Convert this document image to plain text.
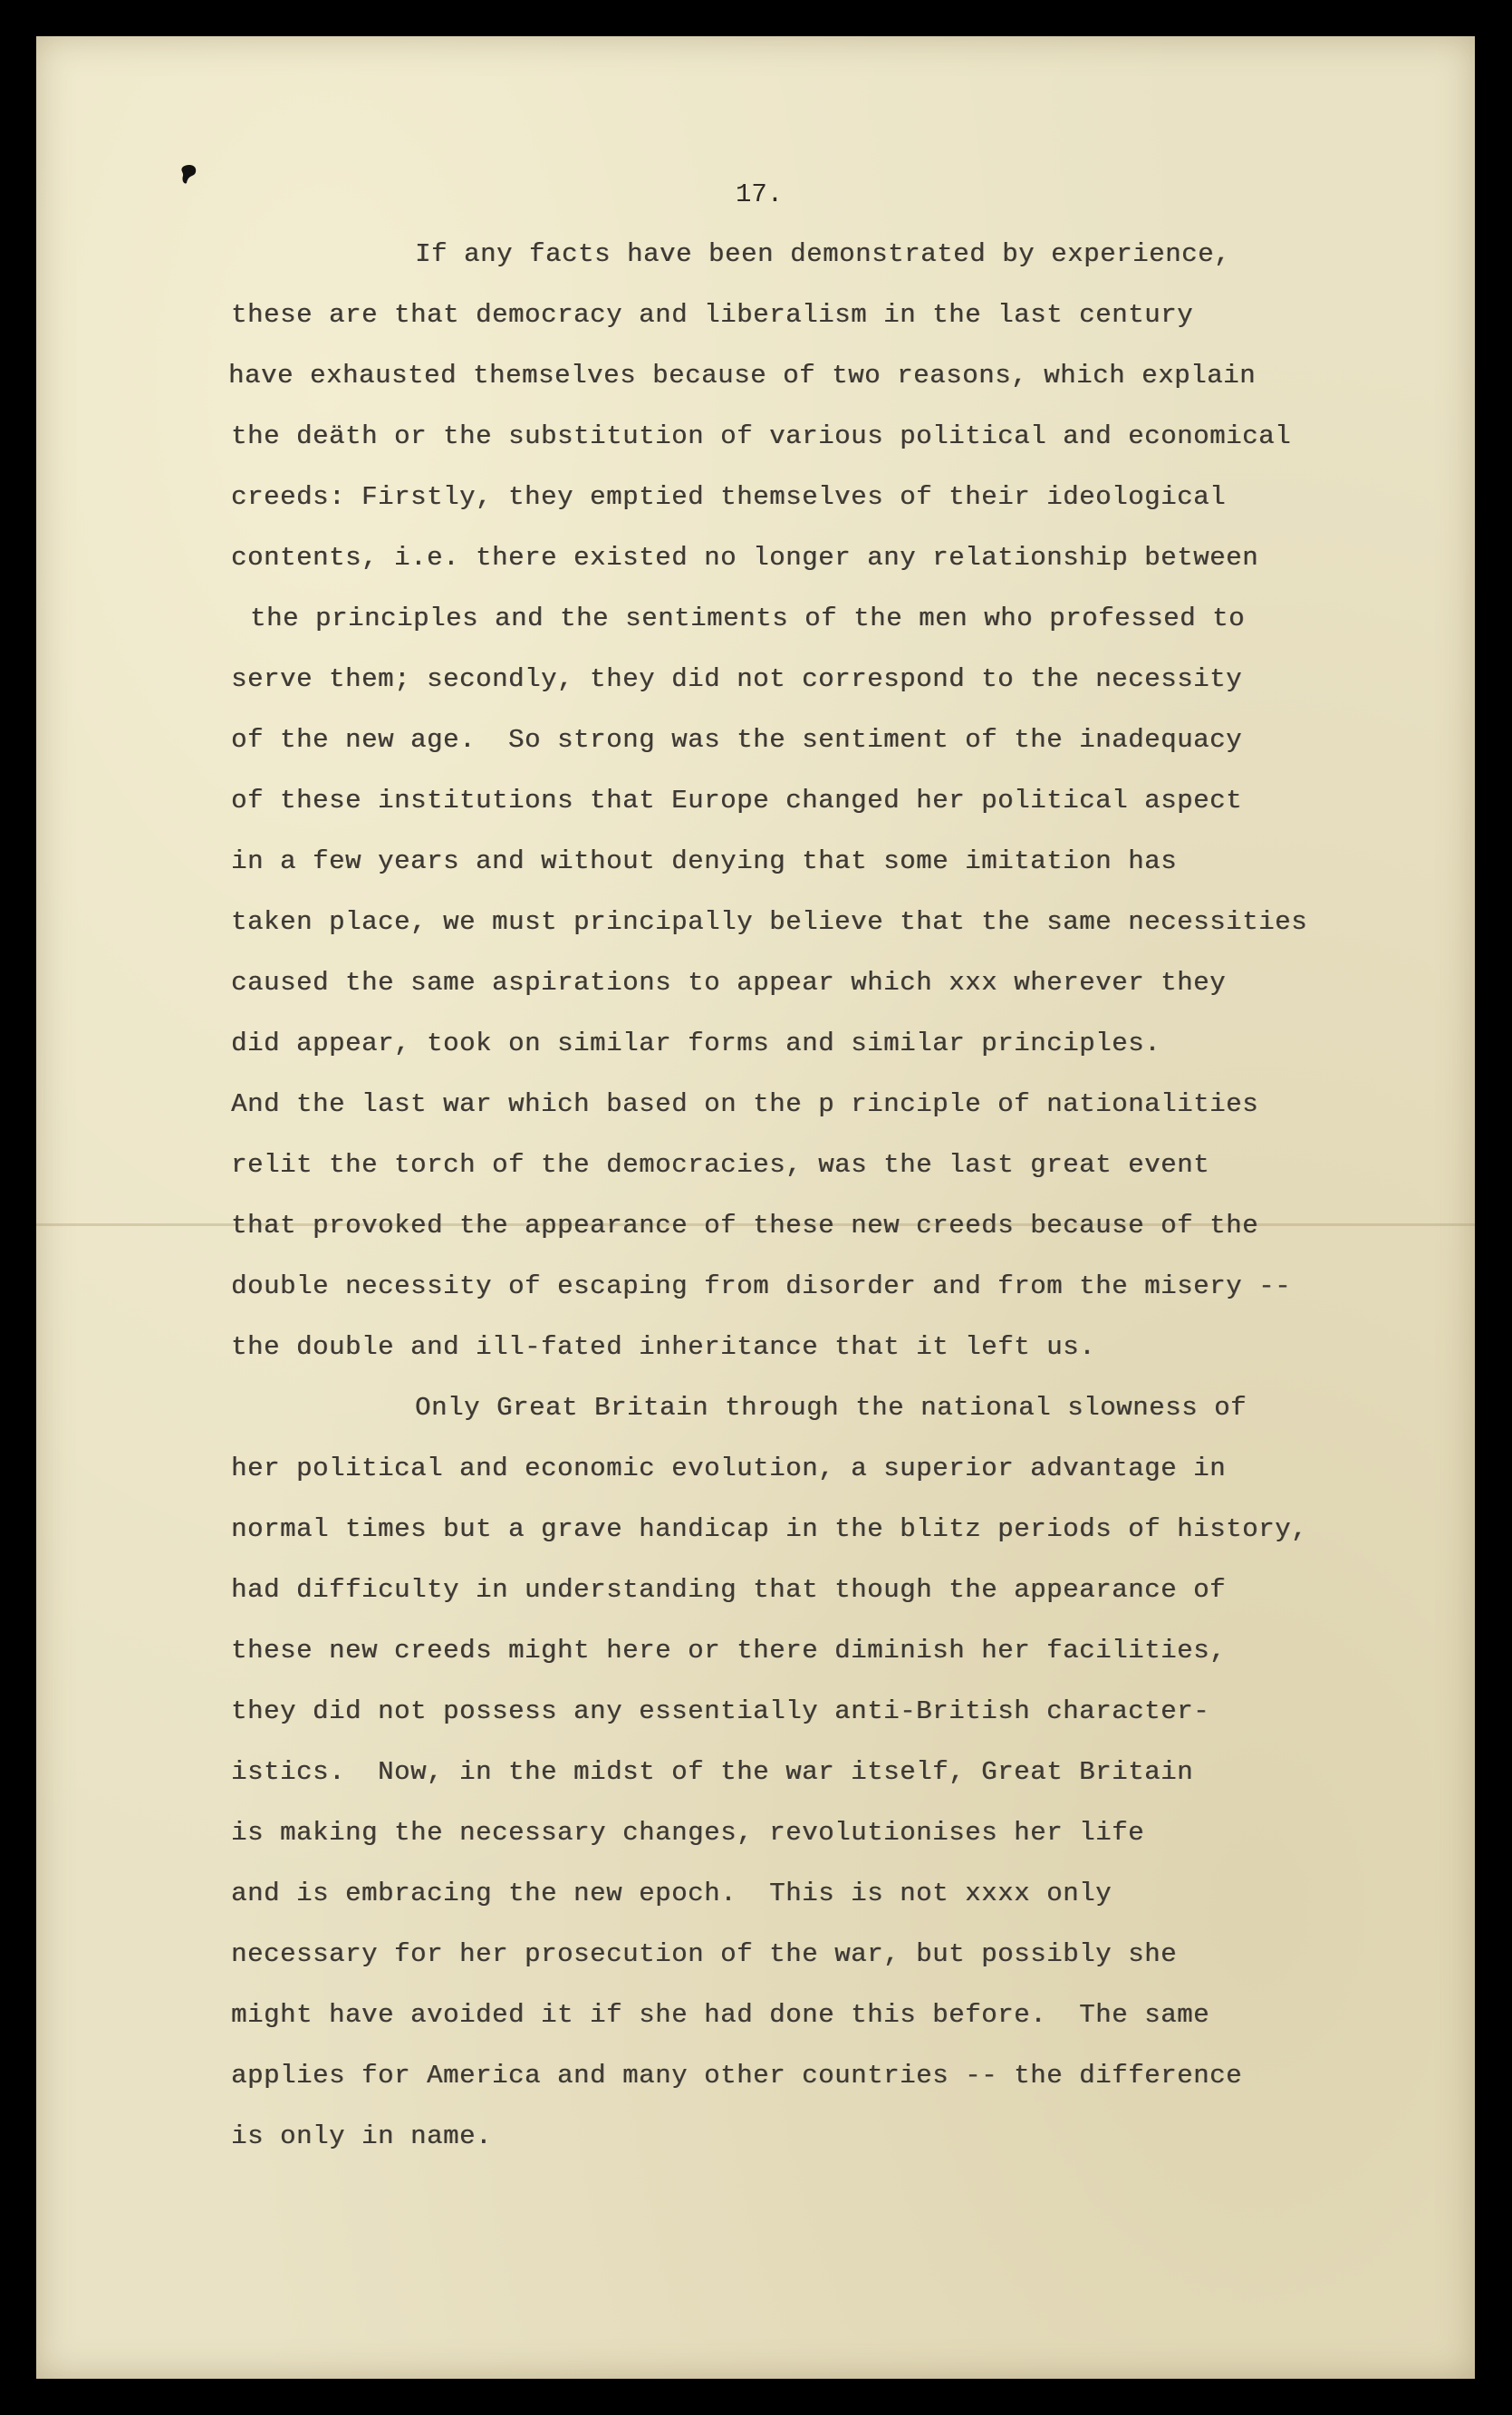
17.
If any facts have been demonstrated by experience,
these are that democracy and liberalism in the last century
have exhausted themselves because of two reasons, which explain
the deäth or the substitution of various political and economical
creeds: Firstly, they emptied themselves of their ideological
contents, i.e. there existed no longer any relationship between
the principles and the sentiments of the men who professed to
serve them; secondly, they did not correspond to the necessity
of the new age.  So strong was the sentiment of the inadequacy
of these institutions that Europe changed her political aspect
in a few years and without denying that some imitation has
taken place, we must principally believe that the same necessities
caused the same aspirations to appear which xxx wherever they
did appear, took on similar forms and similar principles.
And the last war which based on the p rinciple of nationalities
relit the torch of the democracies, was the last great event
that provoked the appearance of these new creeds because of the
double necessity of escaping from disorder and from the misery --
the double and ill-fated inheritance that it left us.
Only Great Britain through the national slowness of
her political and economic evolution, a superior advantage in
normal times but a grave handicap in the blitz periods of history,
had difficulty in understanding that though the appearance of
these new creeds might here or there diminish her facilities,
they did not possess any essentially anti-British character-
istics.  Now, in the midst of the war itself, Great Britain
is making the necessary changes, revolutionises her life
and is embracing the new epoch.  This is not xxxx only
necessary for her prosecution of the war, but possibly she
might have avoided it if she had done this before.  The same
applies for America and many other countries -- the difference
is only in name.
